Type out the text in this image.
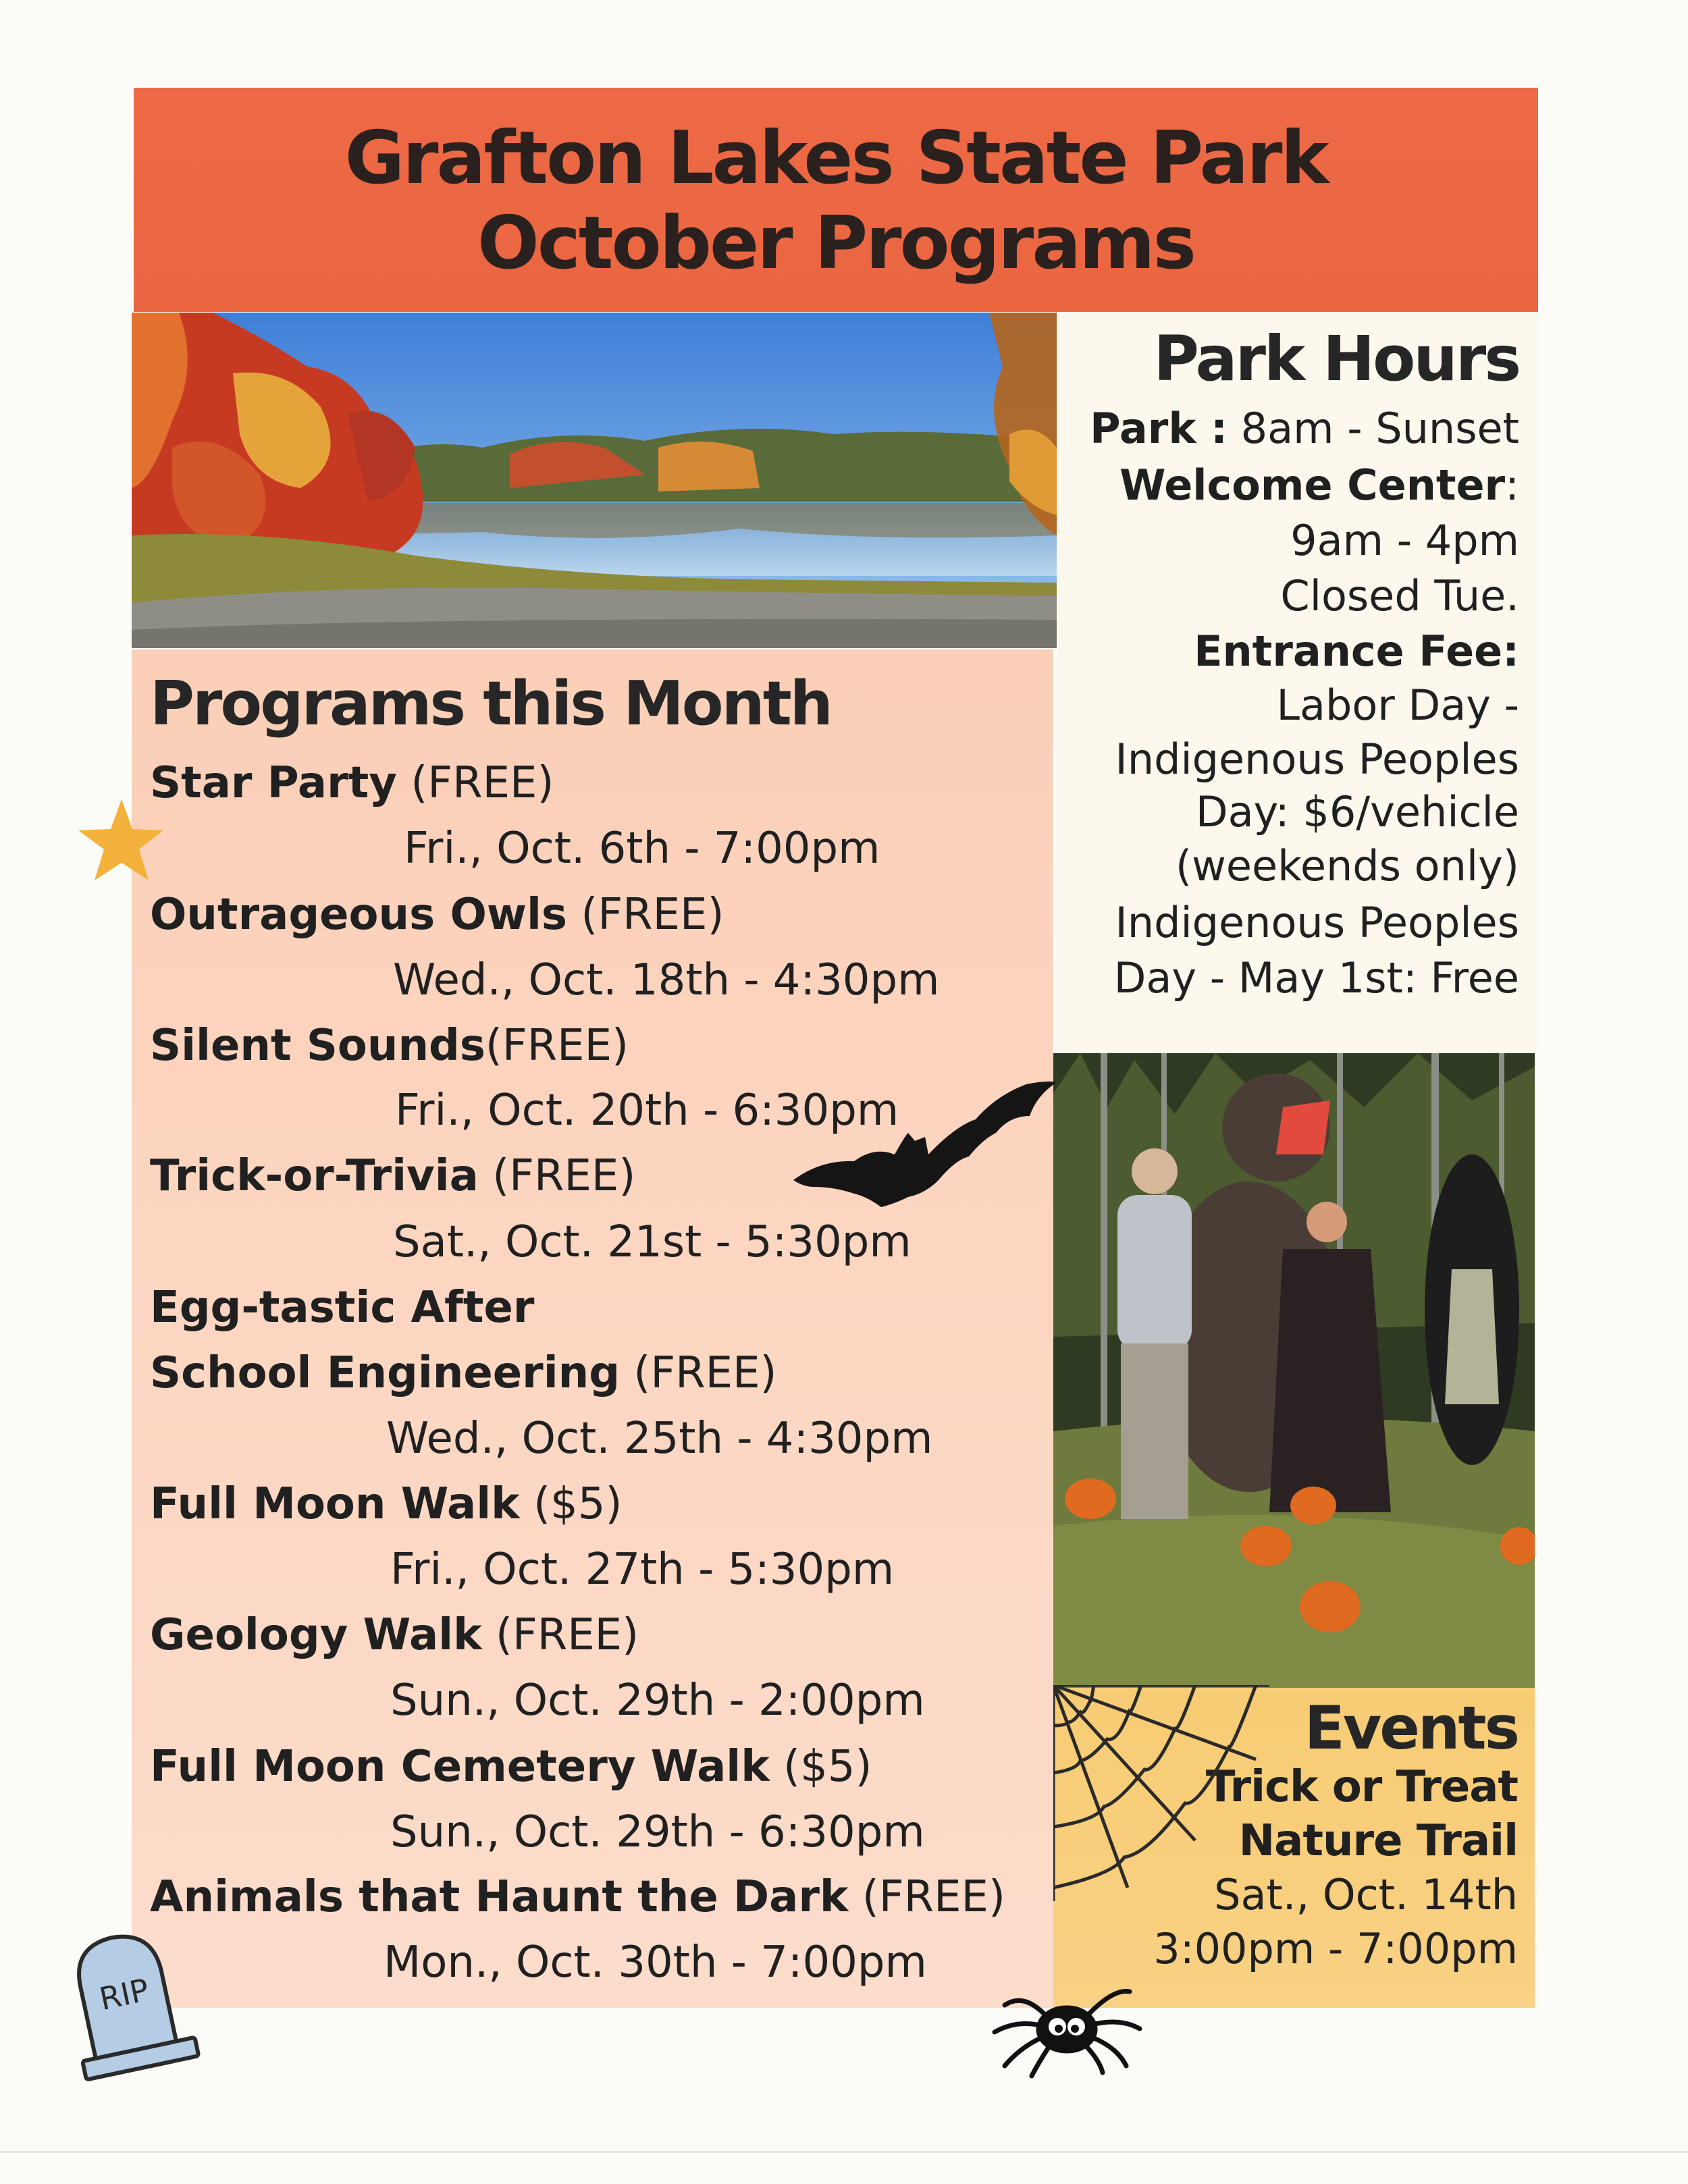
Grafton Lakes State Park
October Programs
Park Hours
Park : 8am - Sunset
Welcome Center:
9am - 4pm
Closed Tue.
Entrance Fee:
Labor Day -
Indigenous Peoples
Day: $6/vehicle
(weekends only)
Indigenous Peoples
Day - May 1st: Free
Programs this Month
Star Party (FREE)
Fri., Oct. 6th - 7:00pm
Outrageous Owls (FREE)
Wed., Oct. 18th - 4:30pm
Silent Sounds(FREE)
Fri., Oct. 20th - 6:30pm
Trick-or-Trivia (FREE)
Sat., Oct. 21st - 5:30pm
Egg-tastic After
School Engineering (FREE)
Wed., Oct. 25th - 4:30pm
Full Moon Walk ($5)
Fri., Oct. 27th - 5:30pm
Geology Walk (FREE)
Sun., Oct. 29th - 2:00pm
Full Moon Cemetery Walk ($5)
Sun., Oct. 29th - 6:30pm
Animals that Haunt the Dark (FREE)
Mon., Oct. 30th - 7:00pm
Events
Trick or Treat
Nature Trail
Sat., Oct. 14th
3:00pm - 7:00pm
RIP
